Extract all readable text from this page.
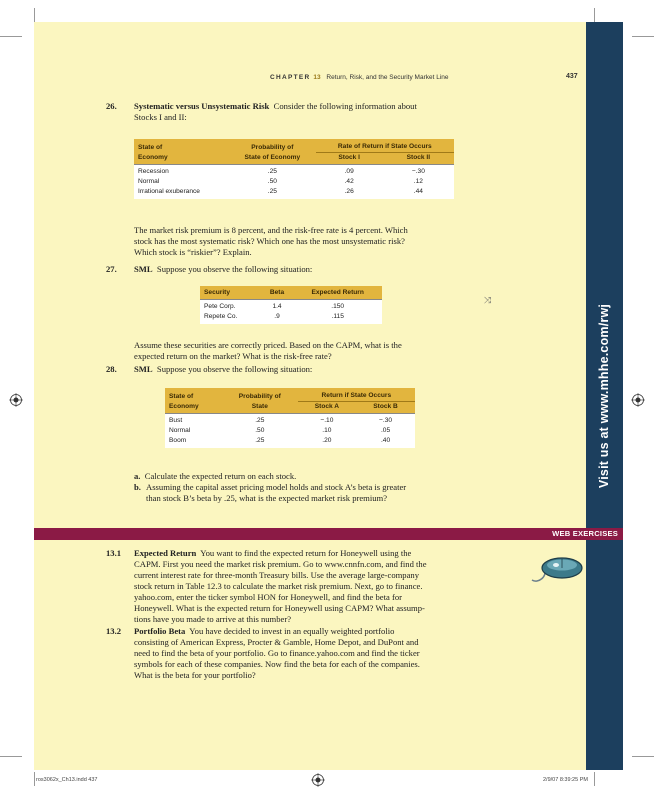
Visit us at www.mhhe.com/rwj
CHAPTER 13 Return, Risk, and the Security Market Line	437
26. Systematic versus Unsystematic Risk Consider the following information about
Stocks I and II:
State of
Economy	Probability of
State of Economy	Rate of Return if State Occurs	
		Stock I	Stock II
Recession	.25	.09	−.30
Normal	.50	.42	.12
Irrational exuberance	.25	.26	.44
The market risk premium is 8 percent, and the risk-free rate is 4 percent. Which
stock has the most systematic risk? Which one has the most unsystematic risk?
Which stock is “riskier”? Explain.
27. SML Suppose you observe the following situation:
Security	Beta	Expected Return
Pete Corp.	1.4	.150
Repete Co.	.9	.115
⤨
Assume these securities are correctly priced. Based on the CAPM, what is the
expected return on the market? What is the risk-free rate?
28. SML Suppose you observe the following situation:
State of
Economy	Probability of
State	Return if State Occurs	
		Stock A	Stock B
Bust	.25	−.10	−.30
Normal	.50	.10	.05
Boom	.25	.20	.40
a. Calculate the expected return on each stock.
b. Assuming the capital asset pricing model holds and stock A’s beta is greater
than stock B’s beta by .25, what is the expected market risk premium?
WEB EXERCISES
13.1 Expected Return You want to find the expected return for Honeywell using the
CAPM. First you need the market risk premium. Go to www.cnnfn.com, and find the
current interest rate for three-month Treasury bills. Use the average large-company
stock return in Table 12.3 to calculate the market risk premium. Next, go to finance.
yahoo.com, enter the ticker symbol HON for Honeywell, and find the beta for
Honeywell. What is the expected return for Honeywell using CAPM? What assump-
tions have you made to arrive at this number?
13.2 Portfolio Beta You have decided to invest in an equally weighted portfolio
consisting of American Express, Procter & Gamble, Home Depot, and DuPont and
need to find the beta of your portfolio. Go to finance.yahoo.com and find the ticker
symbols for each of these companies. Now find the beta for each of the companies.
What is the beta for your portfolio?
ros3062x_Ch13.indd 437	2/9/07 8:39:25 PM
